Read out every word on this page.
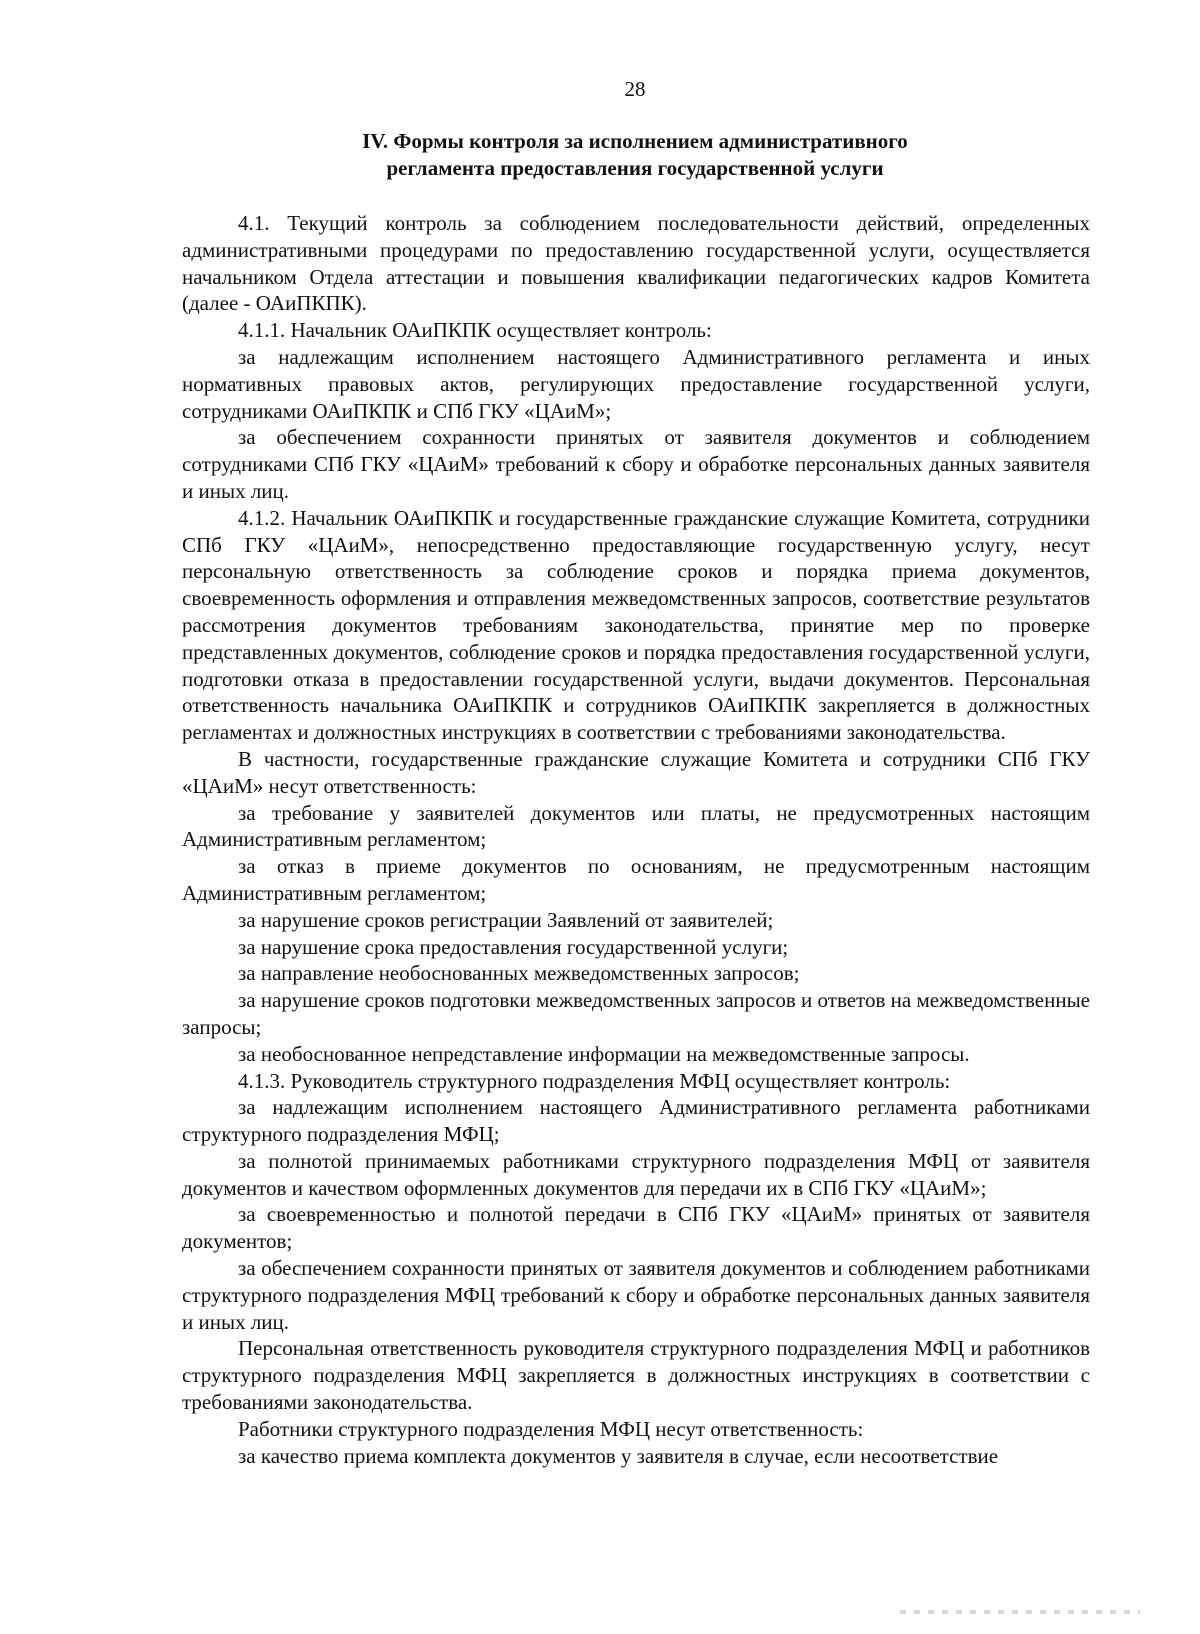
28
IV. Формы контроля за исполнением административного
регламента предоставления государственной услуги

4.1. Текущий контроль за соблюдением последовательности действий, определенных административными процедурами по предоставлению государственной услуги, осуществляется начальником Отдела аттестации и повышения квалификации педагогических кадров Комитета (далее - ОАиПКПК).

4.1.1. Начальник ОАиПКПК осуществляет контроль:

за надлежащим исполнением настоящего Административного регламента и иных нормативных правовых актов, регулирующих предоставление государственной услуги, сотрудниками ОАиПКПК и СПб ГКУ «ЦАиМ»;

за обеспечением сохранности принятых от заявителя документов и соблюдением сотрудниками СПб ГКУ «ЦАиМ» требований к сбору и обработке персональных данных заявителя и иных лиц.

4.1.2. Начальник ОАиПКПК и государственные гражданские служащие Комитета, сотрудники СПб ГКУ «ЦАиМ», непосредственно предоставляющие государственную услугу, несут персональную ответственность за соблюдение сроков и порядка приема документов, своевременность оформления и отправления межведомственных запросов, соответствие результатов рассмотрения документов требованиям законодательства, принятие мер по проверке представленных документов, соблюдение сроков и порядка предоставления государственной услуги, подготовки отказа в предоставлении государственной услуги, выдачи документов. Персональная ответственность начальника ОАиПКПК и сотрудников ОАиПКПК закрепляется в должностных регламентах и должностных инструкциях в соответствии с требованиями законодательства.

В частности, государственные гражданские служащие Комитета и сотрудники СПб ГКУ «ЦАиМ» несут ответственность:

за требование у заявителей документов или платы, не предусмотренных настоящим Административным регламентом;

за отказ в приеме документов по основаниям, не предусмотренным настоящим Административным регламентом;

за нарушение сроков регистрации Заявлений от заявителей;

за нарушение срока предоставления государственной услуги;

за направление необоснованных межведомственных запросов;

за нарушение сроков подготовки межведомственных запросов и ответов на межведомственные запросы;

за необоснованное непредставление информации на межведомственные запросы.

4.1.3. Руководитель структурного подразделения МФЦ осуществляет контроль:

за надлежащим исполнением настоящего Административного регламента работниками структурного подразделения МФЦ;

за полнотой принимаемых работниками структурного подразделения МФЦ от заявителя документов и качеством оформленных документов для передачи их в СПб ГКУ «ЦАиМ»;

за своевременностью и полнотой передачи в СПб ГКУ «ЦАиМ» принятых от заявителя документов;

за обеспечением сохранности принятых от заявителя документов и соблюдением работниками структурного подразделения МФЦ требований к сбору и обработке персональных данных заявителя и иных лиц.

Персональная ответственность руководителя структурного подразделения МФЦ и работников структурного подразделения МФЦ закрепляется в должностных инструкциях в соответствии с требованиями законодательства.

Работники структурного подразделения МФЦ несут ответственность:

за качество приема комплекта документов у заявителя в случае, если несоответствие
